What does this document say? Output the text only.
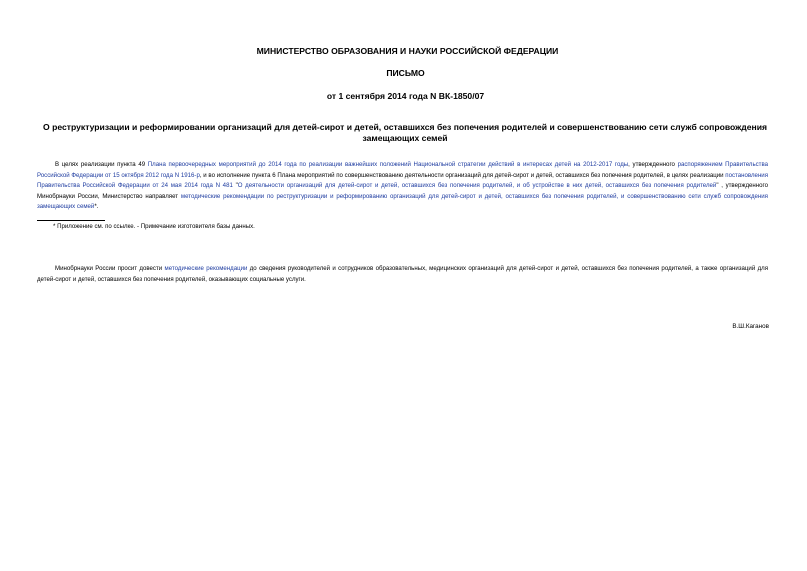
МИНИСТЕРСТВО ОБРАЗОВАНИЯ И НАУКИ РОССИЙСКОЙ ФЕДЕРАЦИИ
ПИСЬМО
от 1 сентября 2014 года N ВК-1850/07
О реструктуризации и реформировании организаций для детей-сирот и детей, оставшихся без попечения родителей и совершенствованию сети служб сопровождения замещающих семей
В целях реализации пункта 49 Плана первоочередных мероприятий до 2014 года по реализации важнейших положений Национальной стратегии действий в интересах детей на 2012-2017 годы, утвержденного распоряжением Правительства Российской Федерации от 15 октября 2012 года N 1916-р, и во исполнение пункта 6 Плана мероприятий по совершенствованию деятельности организаций для детей-сирот и детей, оставшихся без попечения родителей, в целях реализации постановления Правительства Российской Федерации от 24 мая 2014 года N 481 "О деятельности организаций для детей-сирот и детей, оставшихся без попечения родителей, и об устройстве в них детей, оставшихся без попечения родителей" , утвержденного Минобрнауки России, Министерство направляет методические рекомендации по реструктуризации и реформированию организаций для детей-сирот и детей, оставшихся без попечения родителей, и совершенствованию сети служб сопровождения замещающих семей*.
* Приложение см. по ссылке. - Примечание изготовителя базы данных.
Минобрнауки России просит довести методические рекомендации до сведения руководителей и сотрудников образовательных, медицинских организаций для детей-сирот и детей, оставшихся без попечения родителей, а также организаций для детей-сирот и детей, оставшихся без попечения родителей, оказывающих социальные услуги.
В.Ш.Каганов
